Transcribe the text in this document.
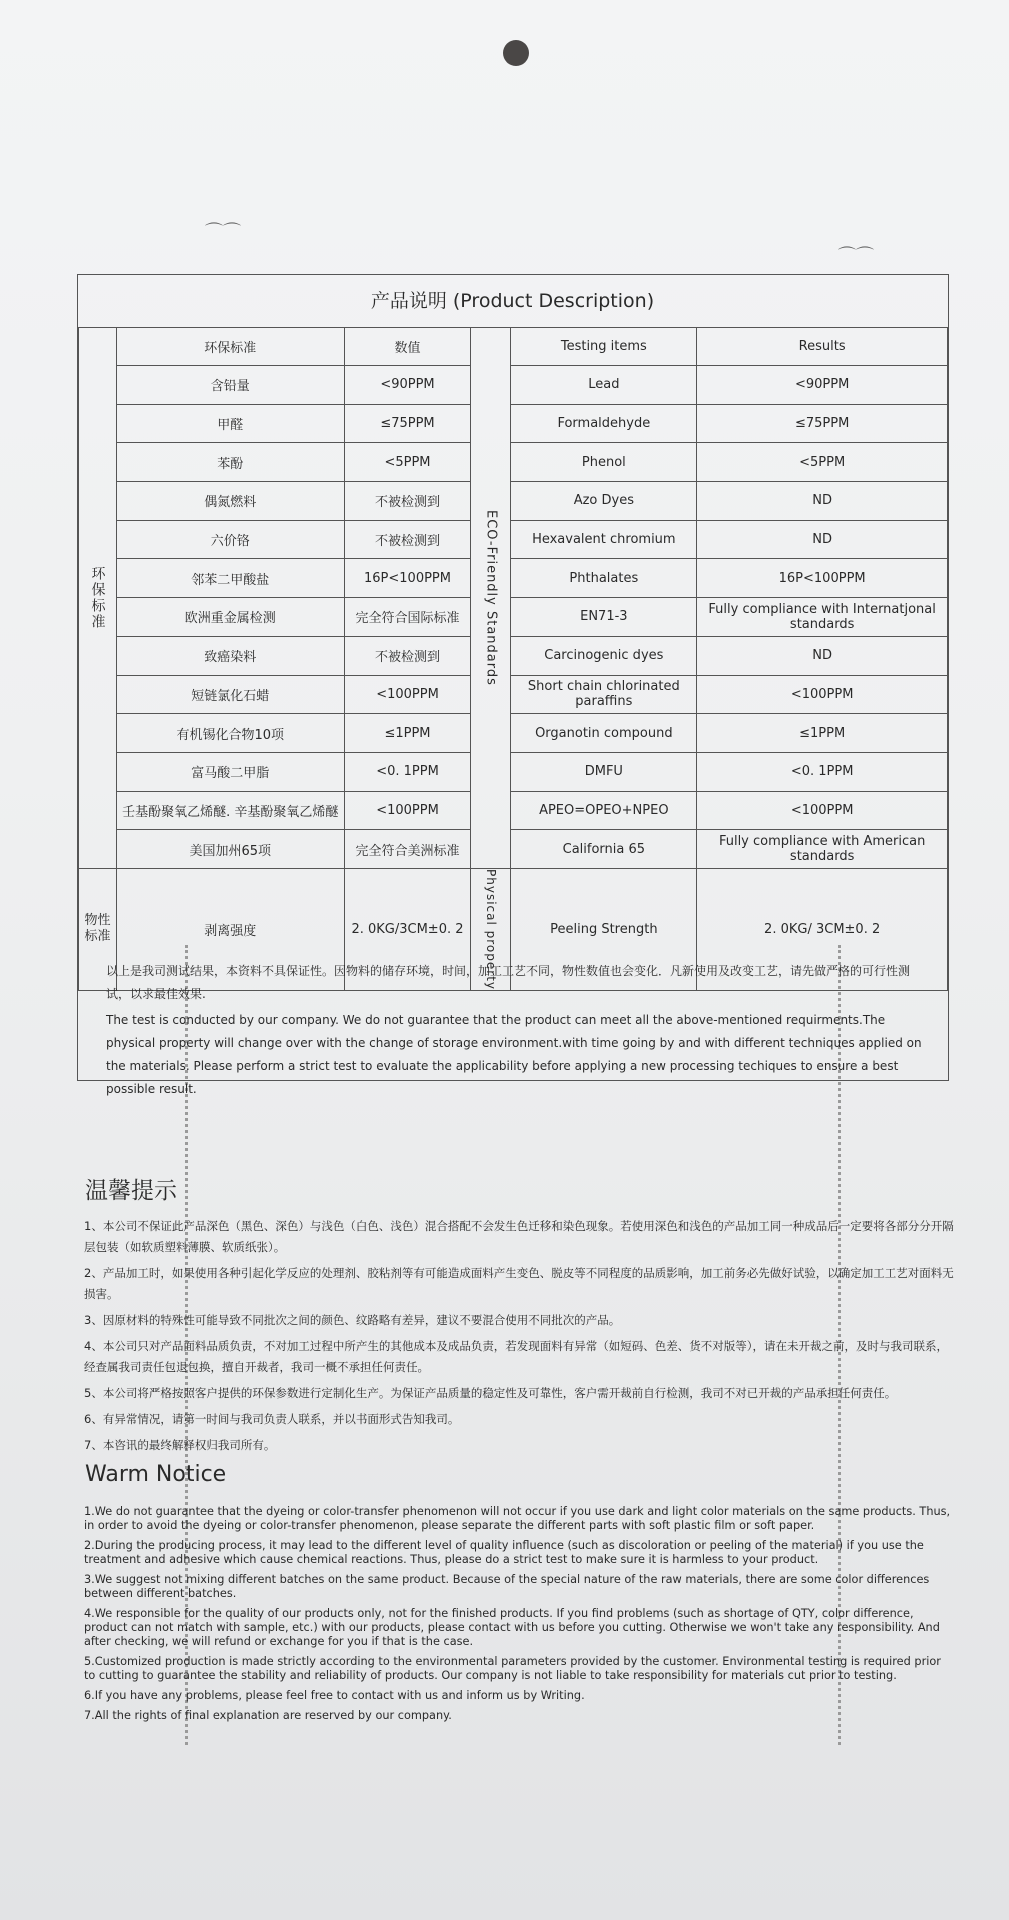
⌒⌒
⌒⌒
产品说明 (Product Description)
环保标准	环保标准	数值	ECO-Friendly Standards	Testing items	Results
	含铅量	<90PPM		Lead	<90PPM
	甲醛	≤75PPM		Formaldehyde	≤75PPM
	苯酚	<5PPM		Phenol	<5PPM
	偶氮燃料	不被检测到		Azo Dyes	ND
	六价铬	不被检测到		Hexavalent chromium	ND
	邻苯二甲酸盐	16P<100PPM		Phthalates	16P<100PPM
	欧洲重金属检测	完全符合国际标准		EN71-3	Fully compliance with Internatjonal standards
	致癌染料	不被检测到		Carcinogenic dyes	ND
	短链氯化石蜡	<100PPM		Short chain chlorinated paraffins	<100PPM
	有机锡化合物10项	≤1PPM		Organotin compound	≤1PPM
	富马酸二甲脂	<0. 1PPM		DMFU	<0. 1PPM
	壬基酚聚氧乙烯醚. 辛基酚聚氧乙烯醚	<100PPM		APEO=OPEO+NPEO	<100PPM
	美国加州65项	完全符合美洲标准		California 65	Fully compliance with American standards
物性标准	剥离强度	2. 0KG/3CM±0. 2	Physical property	Peeling Strength	2. 0KG/ 3CM±0. 2

以上是我司测试结果，本资料不具保证性。因物料的储存环境，时间，加工工艺不同，物性数值也会变化．凡新使用及改变工艺，请先做严格的可行性测试，以求最佳效果.

The test is conducted by our company. We do not guarantee that the product can meet all the above-mentioned requirments.The physical property will change over with the change of storage environment.with time going by and with different techniques applied on the materials. Please perform a strict test to evaluate the applicability before applying a new processing techiques to ensure a best possible result.

温馨提示
1、本公司不保证此产品深色（黑色、深色）与浅色（白色、浅色）混合搭配不会发生色迁移和染色现象。若使用深色和浅色的产品加工同一种成品后一定要将各部分分开隔层包装（如软质塑料薄膜、软质纸张）。
2、产品加工时，如果使用各种引起化学反应的处理剂、胶粘剂等有可能造成面料产生变色、脱皮等不同程度的品质影响，加工前务必先做好试验，以确定加工工艺对面料无损害。
3、因原材料的特殊性可能导致不同批次之间的颜色、纹路略有差异，建议不要混合使用不同批次的产品。
4、本公司只对产品面料品质负责，不对加工过程中所产生的其他成本及成品负责，若发现面料有异常（如短码、色差、货不对版等），请在未开裁之前，及时与我司联系，经查属我司责任包退包换，擅自开裁者，我司一概不承担任何责任。
5、本公司将严格按照客户提供的环保参数进行定制化生产。为保证产品质量的稳定性及可靠性，客户需开裁前自行检测，我司不对已开裁的产品承担任何责任。
6、有异常情况，请第一时间与我司负责人联系，并以书面形式告知我司。
7、本咨讯的最终解释权归我司所有。
Warm Notice
1.We do not guarantee that the dyeing or color-transfer phenomenon will not occur if you use dark and light color materials on the same products. Thus, in order to avoid the dyeing or color-transfer phenomenon, please separate the different parts with soft plastic film or soft paper.
2.During the producing process, it may lead to the different level of quality influence (such as discoloration or peeling of the material) if you use the treatment and adhesive which cause chemical reactions. Thus, please do a strict test to make sure it is harmless to your product.
3.We suggest not mixing different batches on the same product. Because of the special nature of the raw materials, there are some color differences between different batches.
4.We responsible for the quality of our products only, not for the finished products. If you find problems (such as shortage of QTY, color difference, product can not match with sample, etc.) with our products, please contact with us before you cutting. Otherwise we won't take any responsibility. And after checking, we will refund or exchange for you if that is the case.
5.Customized production is made strictly according to the environmental parameters provided by the customer. Environmental testing is required prior to cutting to guarantee the stability and reliability of products. Our company is not liable to take responsibility for materials cut prior to testing.
6.If you have any problems, please feel free to contact with us and inform us by Writing.
7.All the rights of final explanation are reserved by our company.
